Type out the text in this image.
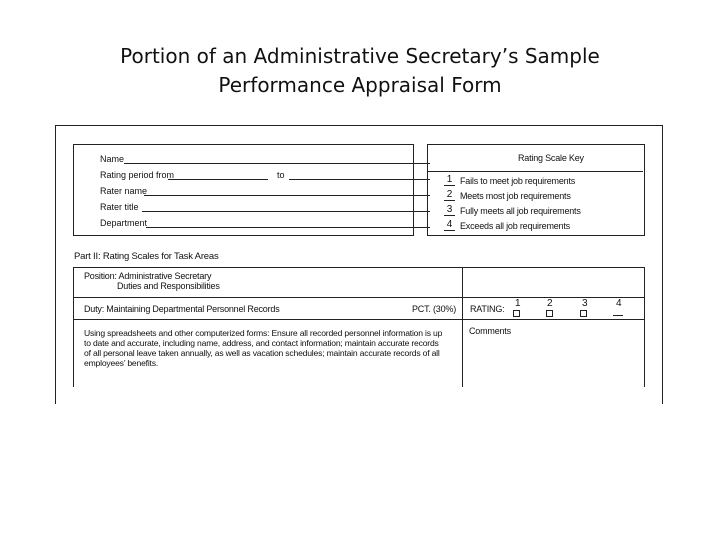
Portion of an Administrative Secretary’s Sample
Performance Appraisal Form
Name
Rating period from	to
Rater name
Rater title
Department
Rating Scale Key
1 Fails to meet job requirements
2 Meets most job requirements
3 Fully meets all job requirements
4 Exceeds all job requirements
Part II: Rating Scales for Task Areas
Position: Administrative Secretary
Duties and Responsibilities
Duty: Maintaining Departmental Personnel Records	PCT. (30%) RATING: 1	2	3	4
Comments
Using spreadsheets and other computerized forms: Ensure all recorded personnel information is up
to date and accurate, including name, address, and contact information; maintain accurate records
of all personal leave taken annually, as well as vacation schedules; maintain accurate records of all
employees’ benefits.
